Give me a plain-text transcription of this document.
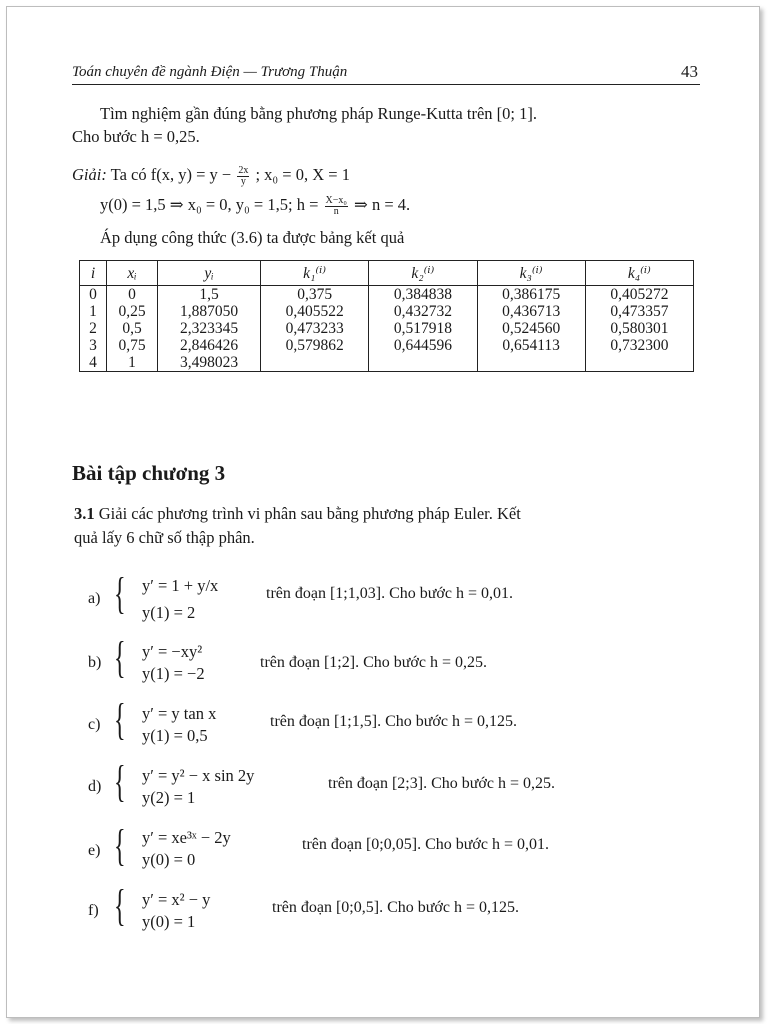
Toán chuyên đề ngành Điện — Trương Thuận	43
Tìm nghiệm gần đúng bằng phương pháp Runge-Kutta trên [0; 1].
Cho bước h = 0,25.
Giải: Ta có f(x, $y) = y - \frac{2x}{y}$ ; x₀ = 0, X = 1
y(0) = 1,5 ⇒ x₀ = 0, y₀ = 1,5; $h = \frac{\text{X−x₀}}{n}$ ⇒ n = 4.
Áp dụng công thức (3.6) ta được bảng kết quả
i	xᵢ	yᵢ	k₁⁽ⁱ⁾	k₂⁽ⁱ⁾	k₃⁽ⁱ⁾	k₄⁽ⁱ⁾
0	0	1,5	0,375	0,384838	0,386175	0,405272
1	0,25	1,887050	0,405522	0,432732	0,436713	0,473357
2	0,5	2,323345	0,473233	0,517918	0,524560	0,580301
3	0,75	2,846426	0,579862	0,644596	0,654113	0,732300
4	1	3,498023				
Bài tập chương 3
3.1 Giải các phương trình vi phân sau bằng phương pháp Euler. Kết
quả lấy 6 chữ số thập phân.
a) { y′ = 1 + y/x
y(1) = 2
trên đoạn [1;1,03]. Cho bước h = 0,01.
b) { y′ = −xy²
y(1) = −2
trên đoạn [1;2]. Cho bước h = 0,25.
c) { y′ = y tan x
y(1) = 0,5
trên đoạn [1;1,5]. Cho bước h = 0,125.
d) { y′ = y² − x sin 2y
y(2) = 1
trên đoạn [2;3]. Cho bước h = 0,25.
e) { y′ = xe³ˣ − 2y
y(0) = 0
trên đoạn [0;0,05]. Cho bước h = 0,01.
f) { y′ = x² − y
y(0) = 1
trên đoạn [0;0,5]. Cho bước h = 0,125.
